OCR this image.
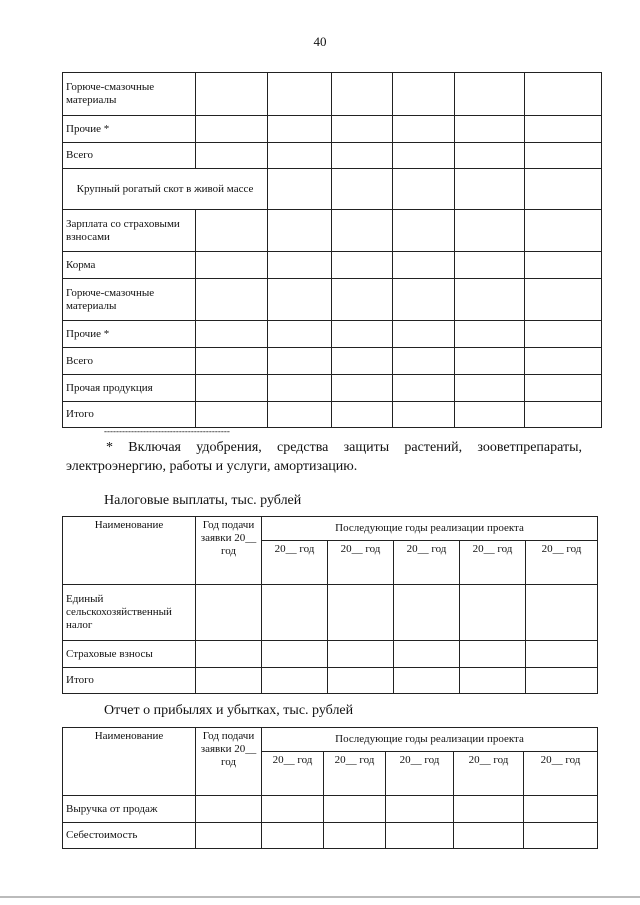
40
Горюче-смазочные материалы						
Прочие *						
Всего						
Крупный рогатый скот в живой массе						
Зарплата со страховыми взносами						
Корма						
Горюче-смазочные материалы						
Прочие *						
Всего						
Прочая продукция						
Итого						
------------------------------------------
* Включая удобрения, средства защиты растений, зооветпрепараты, электроэнергию, работы и услуги, амортизацию.
Налоговые выплаты, тыс. рублей
Наименование	Год подачи заявки 20__ год	Последующие годы реализации проекта				
		20__ год	20__ год	20__ год	20__ год	20__ год
Единый сельскохозяйственный налог						
Страховые взносы						
Итого						
Отчет о прибылях и убытках, тыс. рублей
Наименование	Год подачи заявки 20__ год	Последующие годы реализации проекта				
		20__ год	20__ год	20__ год	20__ год	20__ год
Выручка от продаж						
Себестоимость						
